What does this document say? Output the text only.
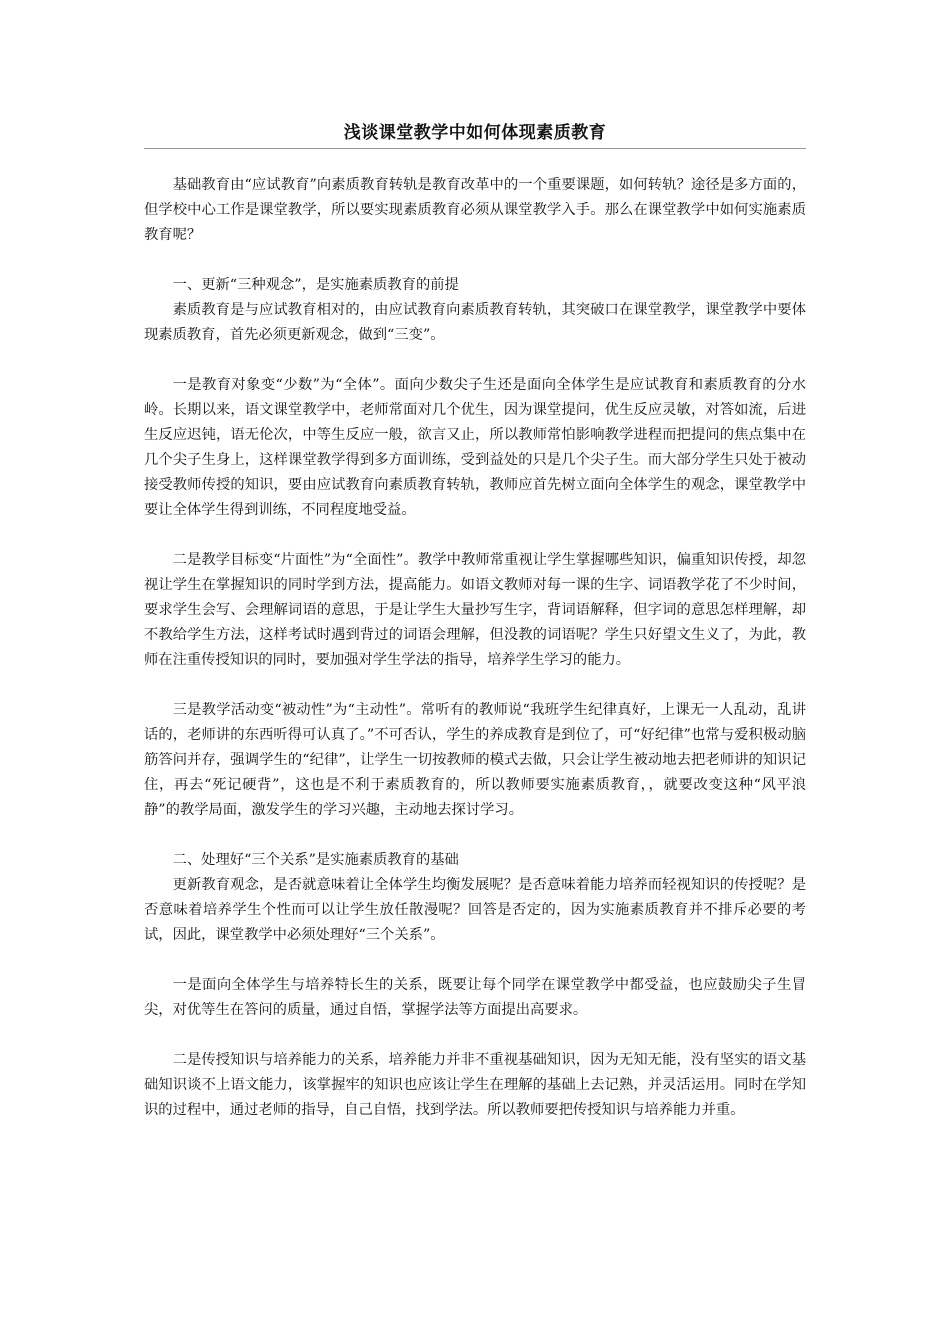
浅谈课堂教学中如何体现素质教育

基础教育由“应试教育”向素质教育转轨是教育改革中的一个重要课题，如何转轨？途径是多方面的，但学校中心工作是课堂教学，所以要实现素质教育必须从课堂教学入手。那么在课堂教学中如何实施素质教育呢？

一、更新“三种观念”，是实施素质教育的前提

素质教育是与应试教育相对的，由应试教育向素质教育转轨，其突破口在课堂教学，课堂教学中要体现素质教育，首先必须更新观念，做到“三变”。

一是教育对象变“少数”为“全体”。面向少数尖子生还是面向全体学生是应试教育和素质教育的分水岭。长期以来，语文课堂教学中，老师常面对几个优生，因为课堂提问，优生反应灵敏，对答如流，后进生反应迟钝，语无伦次，中等生反应一般，欲言又止，所以教师常怕影响教学进程而把提问的焦点集中在几个尖子生身上，这样课堂教学得到多方面训练，受到益处的只是几个尖子生。而大部分学生只处于被动接受教师传授的知识，要由应试教育向素质教育转轨，教师应首先树立面向全体学生的观念，课堂教学中要让全体学生得到训练，不同程度地受益。

二是教学目标变“片面性”为“全面性”。教学中教师常重视让学生掌握哪些知识，偏重知识传授，却忽视让学生在掌握知识的同时学到方法，提高能力。如语文教师对每一课的生字、词语教学花了不少时间，要求学生会写、会理解词语的意思，于是让学生大量抄写生字，背词语解释，但字词的意思怎样理解，却不教给学生方法，这样考试时遇到背过的词语会理解，但没教的词语呢？学生只好望文生义了，为此，教师在注重传授知识的同时，要加强对学生学法的指导，培养学生学习的能力。

三是教学活动变“被动性”为“主动性”。常听有的教师说“我班学生纪律真好，上课无一人乱动，乱讲话的，老师讲的东西听得可认真了。”不可否认，学生的养成教育是到位了，可“好纪律”也常与爱积极动脑筋答问并存，强调学生的“纪律”，让学生一切按教师的模式去做，只会让学生被动地去把老师讲的知识记住，再去“死记硬背”，这也是不利于素质教育的，所以教师要实施素质教育，，就要改变这种“风平浪静”的教学局面，激发学生的学习兴趣，主动地去探讨学习。

二、处理好“三个关系”是实施素质教育的基础

更新教育观念，是否就意味着让全体学生均衡发展呢？是否意味着能力培养而轻视知识的传授呢？是否意味着培养学生个性而可以让学生放任散漫呢？回答是否定的，因为实施素质教育并不排斥必要的考试，因此，课堂教学中必须处理好“三个关系”。

一是面向全体学生与培养特长生的关系，既要让每个同学在课堂教学中都受益，也应鼓励尖子生冒尖，对优等生在答问的质量，通过自悟，掌握学法等方面提出高要求。

二是传授知识与培养能力的关系，培养能力并非不重视基础知识，因为无知无能，没有坚实的语文基础知识谈不上语文能力，该掌握牢的知识也应该让学生在理解的基础上去记熟，并灵活运用。同时在学知识的过程中，通过老师的指导，自己自悟，找到学法。所以教师要把传授知识与培养能力并重。
